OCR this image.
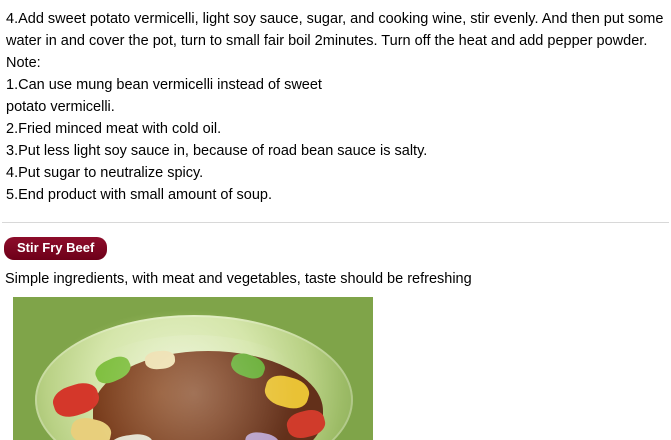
4.Add sweet potato vermicelli, light soy sauce, sugar, and cooking wine, stir evenly. And then put some water in and cover the pot, turn to small fair boil 2minutes. Turn off the heat and add pepper powder.

Note:

1.Can use mung bean vermicelli instead of sweet
potato vermicelli.
2.Fried minced meat with cold oil.
3.Put less light soy sauce in, because of road bean sauce is salty.
4.Put sugar to neutralize spicy.
5.End product with small amount of soup.
Stir Fry Beef

Simple ingredients, with meat and vegetables, taste should be refreshing
